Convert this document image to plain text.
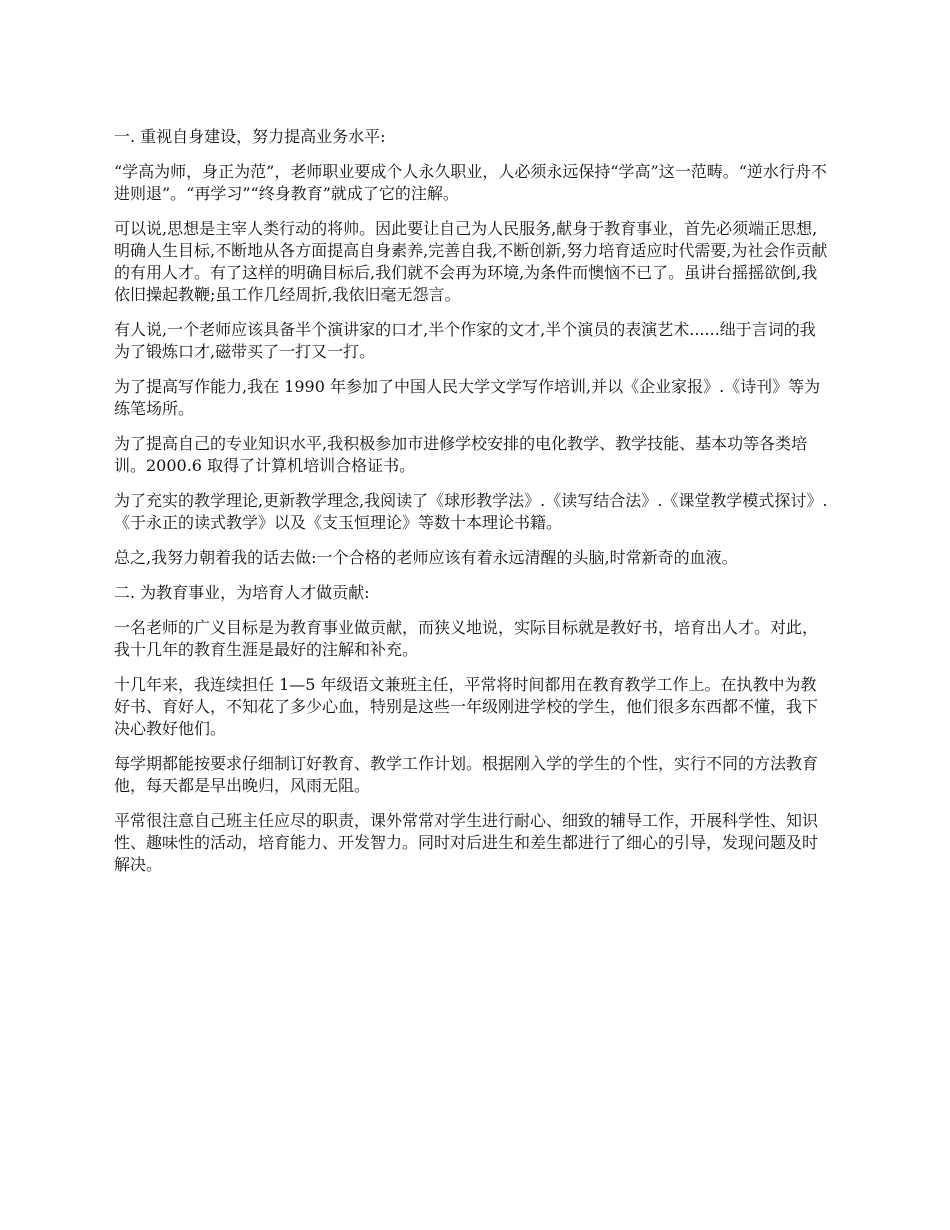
一. 重视自身建设，努力提高业务水平:

“学高为师，身正为范”，老师职业要成个人永久职业，人必须永远保持“学高”这一范畴。“逆水行舟不进则退”。“再学习”“终身教育”就成了它的注解。

可以说,思想是主宰人类行动的将帅。因此要让自己为人民服务,献身于教育事业，首先必须端正思想,明确人生目标,不断地从各方面提高自身素养,完善自我,不断创新,努力培育适应时代需要,为社会作贡献的有用人才。有了这样的明确目标后,我们就不会再为环境,为条件而懊恼不已了。虽讲台摇摇欲倒,我依旧操起教鞭;虽工作几经周折,我依旧毫无怨言。

有人说,一个老师应该具备半个演讲家的口才,半个作家的文才,半个演员的表演艺术......绌于言词的我为了锻炼口才,磁带买了一打又一打。

为了提高写作能力,我在 1990 年参加了中国人民大学文学写作培训,并以《企业家报》.《诗刊》等为练笔场所。

为了提高自己的专业知识水平,我积极参加市进修学校安排的电化教学、教学技能、基本功等各类培训。2000.6 取得了计算机培训合格证书。

为了充实的教学理论,更新教学理念,我阅读了《球形教学法》.《读写结合法》.《课堂教学模式探讨》.《于永正的读式教学》以及《支玉恒理论》等数十本理论书籍。

总之,我努力朝着我的话去做:一个合格的老师应该有着永远清醒的头脑,时常新奇的血液。

二. 为教育事业，为培育人才做贡献:

一名老师的广义目标是为教育事业做贡献，而狭义地说，实际目标就是教好书，培育出人才。对此，我十几年的教育生涯是最好的注解和补充。

十几年来，我连续担任 1—5 年级语文兼班主任，平常将时间都用在教育教学工作上。在执教中为教好书、育好人，不知花了多少心血，特别是这些一年级刚进学校的学生，他们很多东西都不懂，我下决心教好他们。

每学期都能按要求仔细制订好教育、教学工作计划。根据刚入学的学生的个性，实行不同的方法教育他，每天都是早出晚归，风雨无阻。

平常很注意自己班主任应尽的职责，课外常常对学生进行耐心、细致的辅导工作，开展科学性、知识性、趣味性的活动，培育能力、开发智力。同时对后进生和差生都进行了细心的引导，发现问题及时解决。
